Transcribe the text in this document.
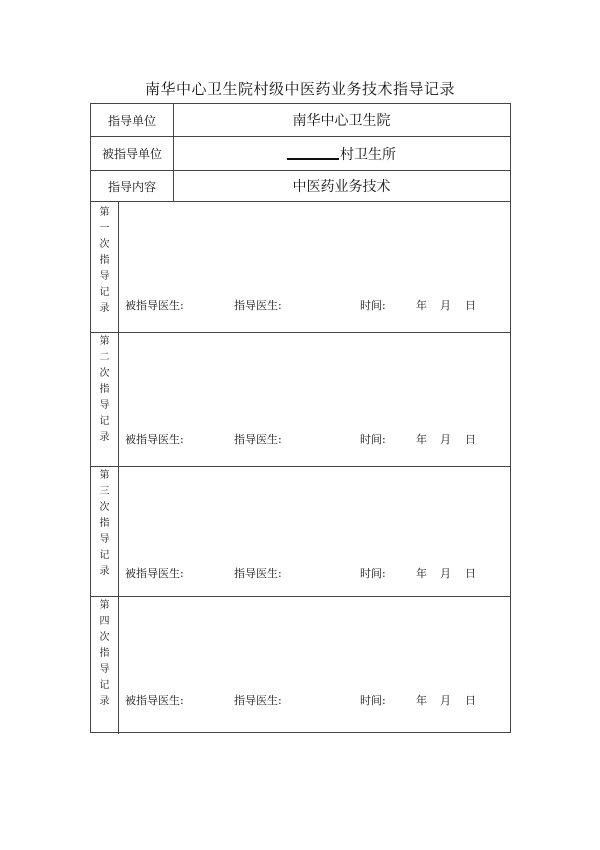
南华中心卫生院村级中医药业务技术指导记录
指导单位	南华中心卫生院
被指导单位	村卫生所
指导内容	中医药业务技术
第
一
次
指
导
记
录	被指导医生:	指导医生:	时间:	年 月 日
第
二
次
指
导
记
录	被指导医生:	指导医生:	时间:	年 月 日
第
三
次
指
导
记
录	被指导医生:	指导医生:	时间:	年 月 日
第
四
次
指
导
记
录	被指导医生:	指导医生:	时间:	年 月 日
